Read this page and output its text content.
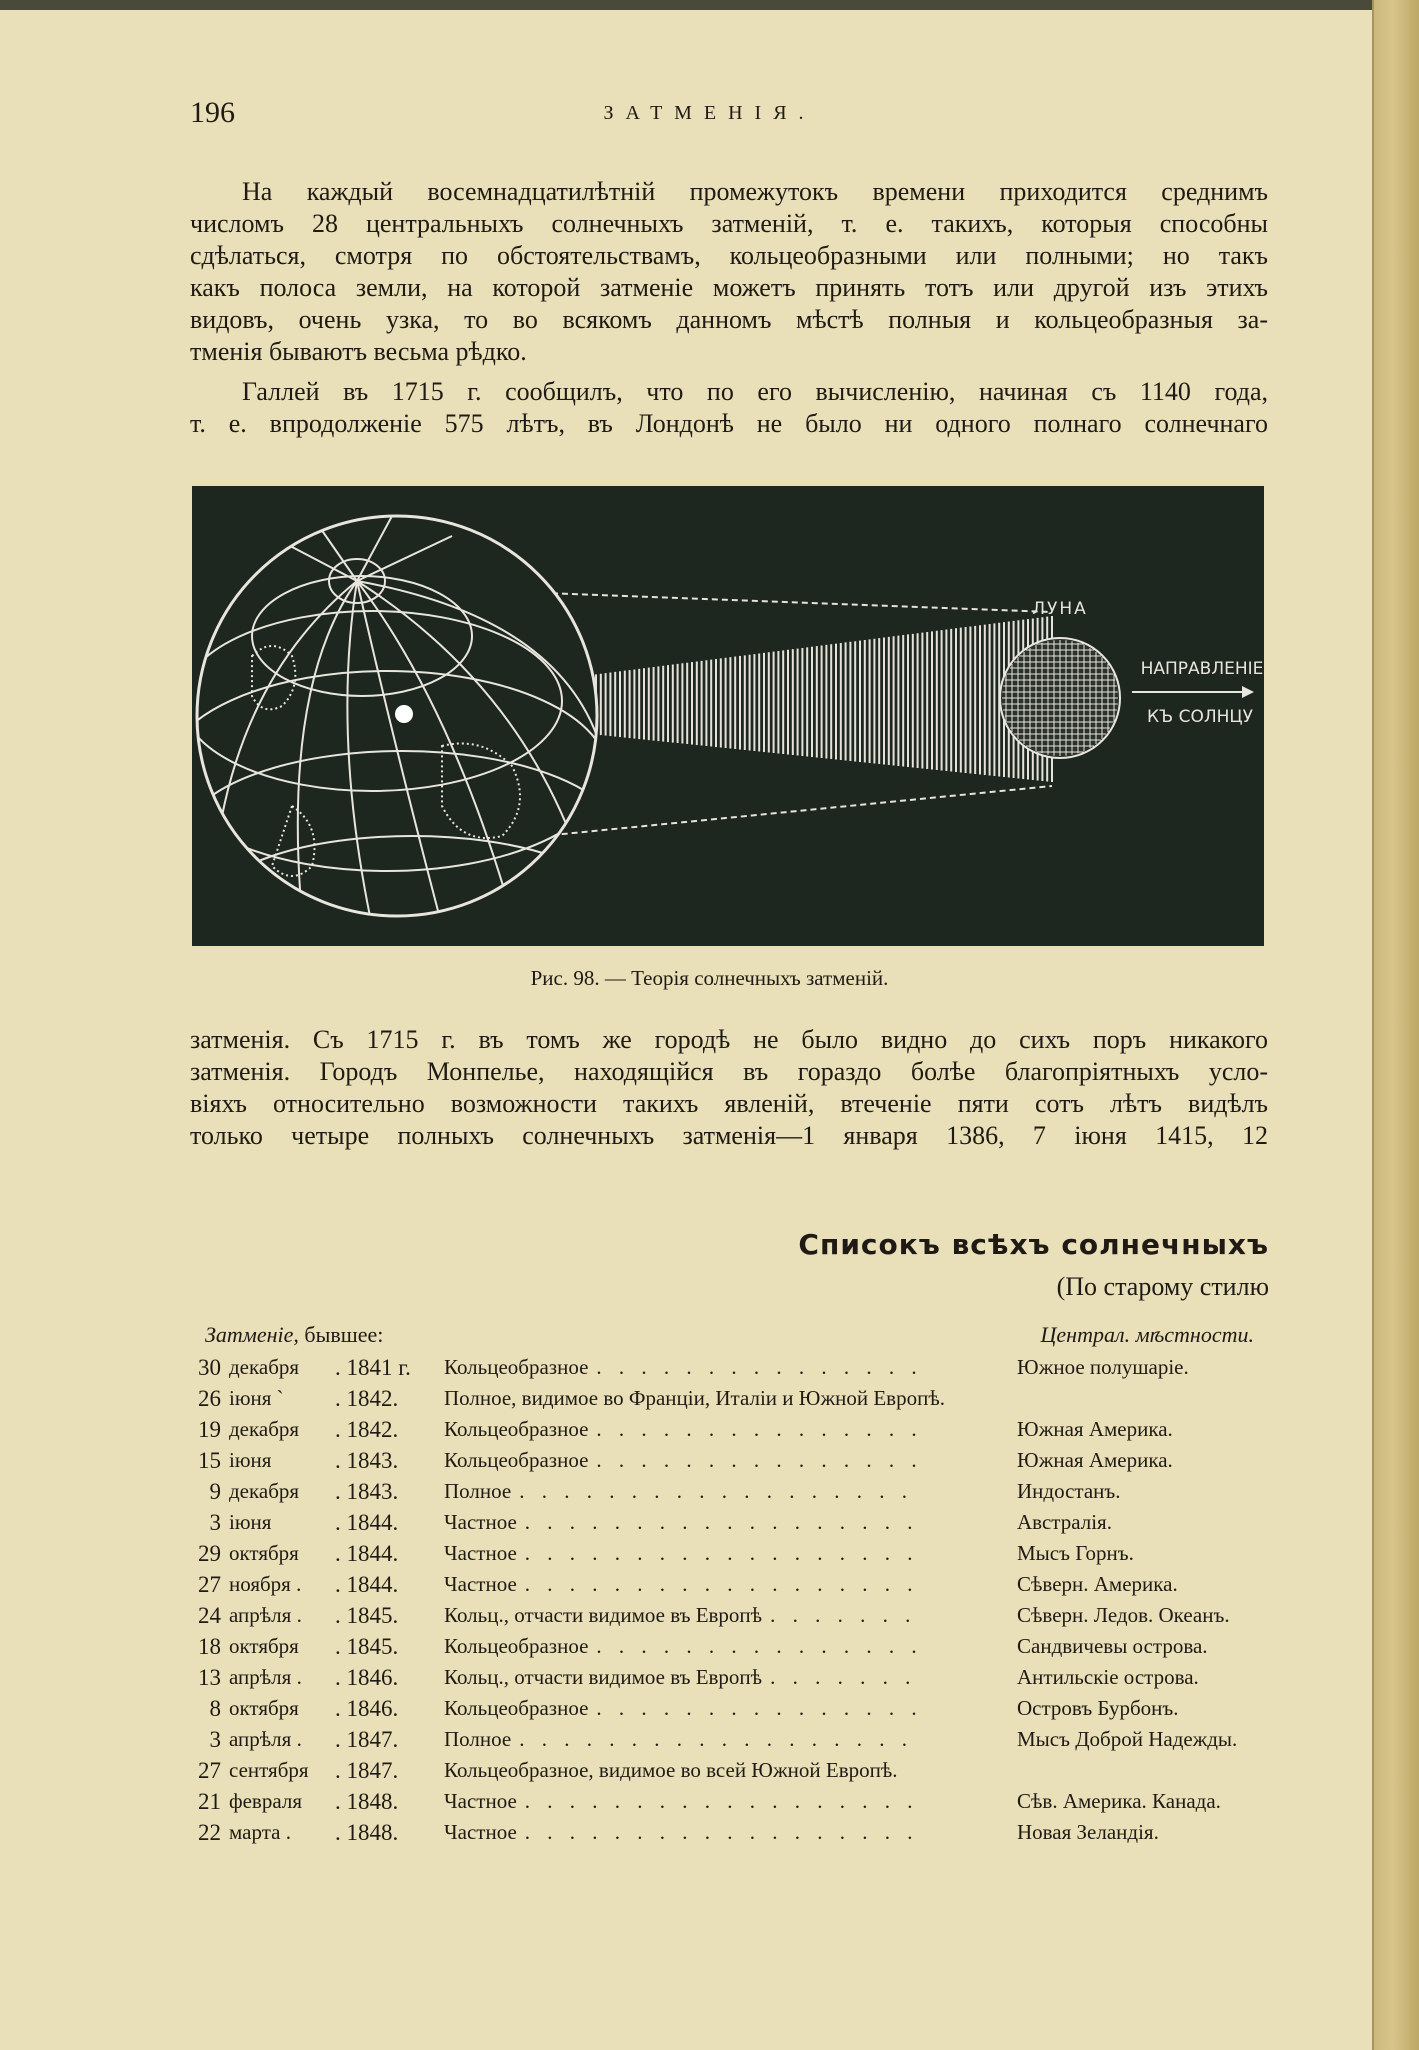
196	ЗАТМЕНІЯ.
На каждый восемнадцатилѣтній промежутокъ времени приходится среднимъ
числомъ 28 центральныхъ солнечныхъ затменій, т. е. такихъ, которыя способны
сдѣлаться, смотря по обстоятельствамъ, кольцеобразными или полными; но такъ
какъ полоса земли, на которой затменіе можетъ принять тотъ или другой изъ этихъ
видовъ, очень узка, то во всякомъ данномъ мѣстѣ полныя и кольцеобразныя за-
тменія бываютъ весьма рѣдко.
Галлей въ 1715 г. сообщилъ, что по его вычисленію, начиная съ 1140 года,
т. е. впродолженіе 575 лѣтъ, въ Лондонѣ не было ни одного полнаго солнечнаго
ЛУНА
НАПРАВЛЕНІЕ
КЪ СОЛНЦУ
Рис. 98. — Теорія солнечныхъ затменій.
затменія. Съ 1715 г. въ томъ же городѣ не было видно до сихъ поръ никакого
затменія. Городъ Монпелье, находящійся въ гораздо болѣе благопріятныхъ усло-
віяхъ относительно возможности такихъ явленій, втеченіе пяти сотъ лѣтъ видѣлъ
только четыре полныхъ солнечныхъ затменія—1 января 1386, 7 іюня 1415, 12
Списокъ всѣхъ солнечныхъ
(По старому стилю
Затменіе, бывшее:	Централ. мѣстности.
30 декабря	. 1841 г.	Кольцеобразное . . . . . . . . . . . . . . .	Южное полушаріе.
26 іюня `	. 1842.	Полное, видимое во Франціи, Италіи и Южной Европѣ.
19 декабря	. 1842.	Кольцеобразное . . . . . . . . . . . . . . .	Южная Америка.
15 іюня	. 1843.	Кольцеобразное . . . . . . . . . . . . . . .	Южная Америка.
9 декабря	. 1843.	Полное . . . . . . . . . . . . . . . . . .	Индостанъ.
3 іюня	. 1844.	Частное . . . . . . . . . . . . . . . . . .	Австралія.
29 октября	. 1844.	Частное . . . . . . . . . . . . . . . . . .	Мысъ Горнъ.
27 ноября .	. 1844.	Частное . . . . . . . . . . . . . . . . . .	Сѣверн. Америка.
24 апрѣля .	. 1845.	Кольц., отчасти видимое въ Европѣ . . . . . . .	Сѣверн. Ледов. Океанъ.
18 октября	. 1845.	Кольцеобразное . . . . . . . . . . . . . . .	Сандвичевы острова.
13 апрѣля .	. 1846.	Кольц., отчасти видимое въ Европѣ . . . . . . .	Антильскіе острова.
8 октября	. 1846.	Кольцеобразное . . . . . . . . . . . . . . .	Островъ Бурбонъ.
3 апрѣля .	. 1847.	Полное . . . . . . . . . . . . . . . . . .	Мысъ Доброй Надежды.
27 сентября	. 1847.	Кольцеобразное, видимое во всей Южной Европѣ.
21 февраля	. 1848.	Частное . . . . . . . . . . . . . . . . . .	Сѣв. Америка. Канада.
22 марта .	. 1848.	Частное . . . . . . . . . . . . . . . . . .	Новая Зеландія.
